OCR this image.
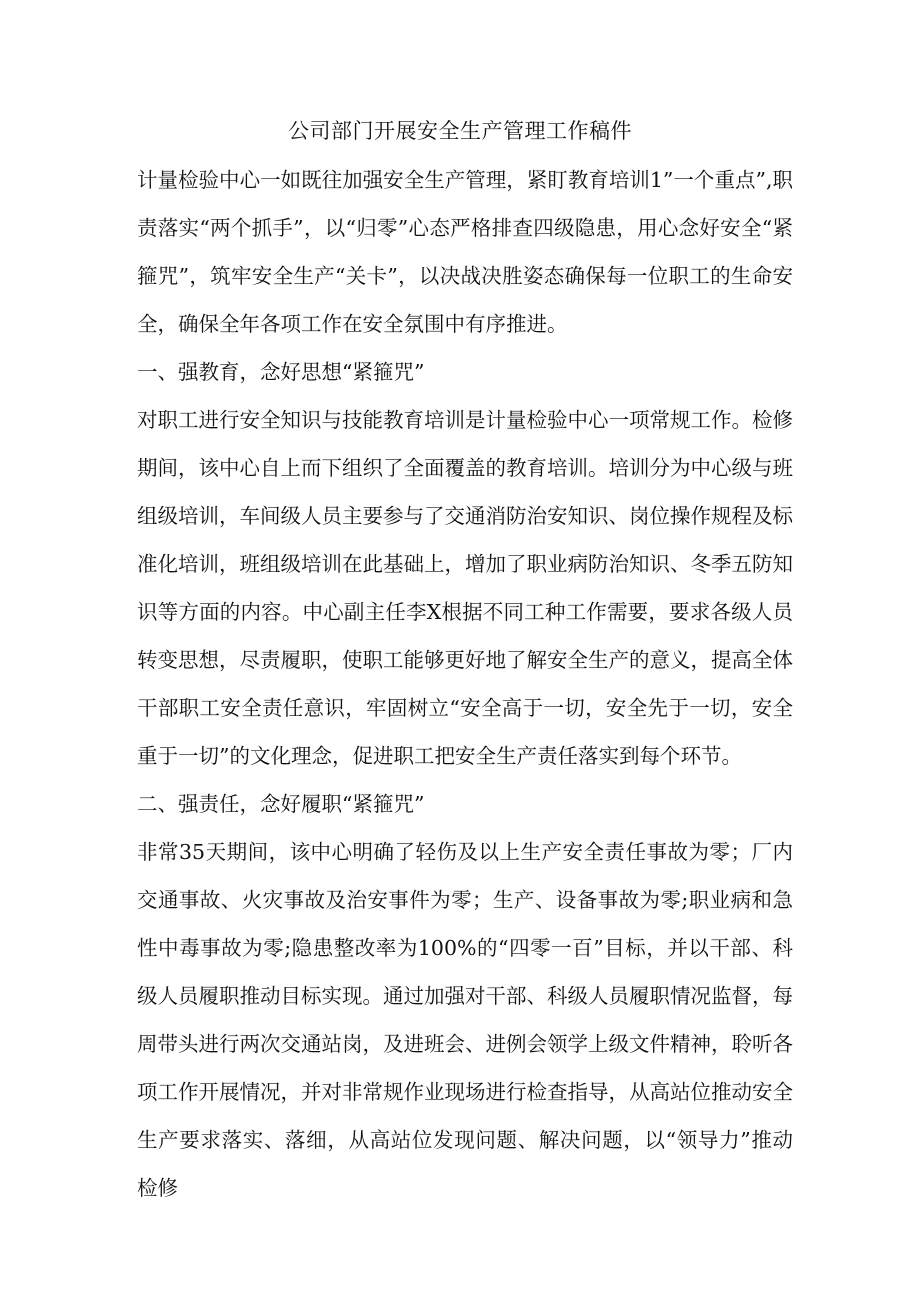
公司部门开展安全生产管理工作稿件

计量检验中心一如既往加强安全生产管理，紧盯教育培训1”一个重点”,职责落实“两个抓手”，以“归零”心态严格排查四级隐患，用心念好安全“紧箍咒”，筑牢安全生产“关卡”，以决战决胜姿态确保每一位职工的生命安全，确保全年各项工作在安全氛围中有序推进。

一、强教育，念好思想“紧箍咒”

对职工进行安全知识与技能教育培训是计量检验中心一项常规工作。检修期间，该中心自上而下组织了全面覆盖的教育培训。培训分为中心级与班组级培训，车间级人员主要参与了交通消防治安知识、岗位操作规程及标准化培训，班组级培训在此基础上，增加了职业病防治知识、冬季五防知识等方面的内容。中心副主任李X根据不同工种工作需要，要求各级人员转变思想，尽责履职，使职工能够更好地了解安全生产的意义，提高全体干部职工安全责任意识，牢固树立“安全高于一切，安全先于一切，安全重于一切”的文化理念，促进职工把安全生产责任落实到每个环节。

二、强责任，念好履职“紧箍咒”

非常35天期间，该中心明确了轻伤及以上生产安全责任事故为零；厂内交通事故、火灾事故及治安事件为零；生产、设备事故为零;职业病和急性中毒事故为零;隐患整改率为100%的“四零一百”目标，并以干部、科级人员履职推动目标实现。通过加强对干部、科级人员履职情况监督，每周带头进行两次交通站岗，及进班会、进例会领学上级文件精神，聆听各项工作开展情况，并对非常规作业现场进行检查指导，从高站位推动安全生产要求落实、落细，从高站位发现问题、解决问题，以“领导力”推动检修
